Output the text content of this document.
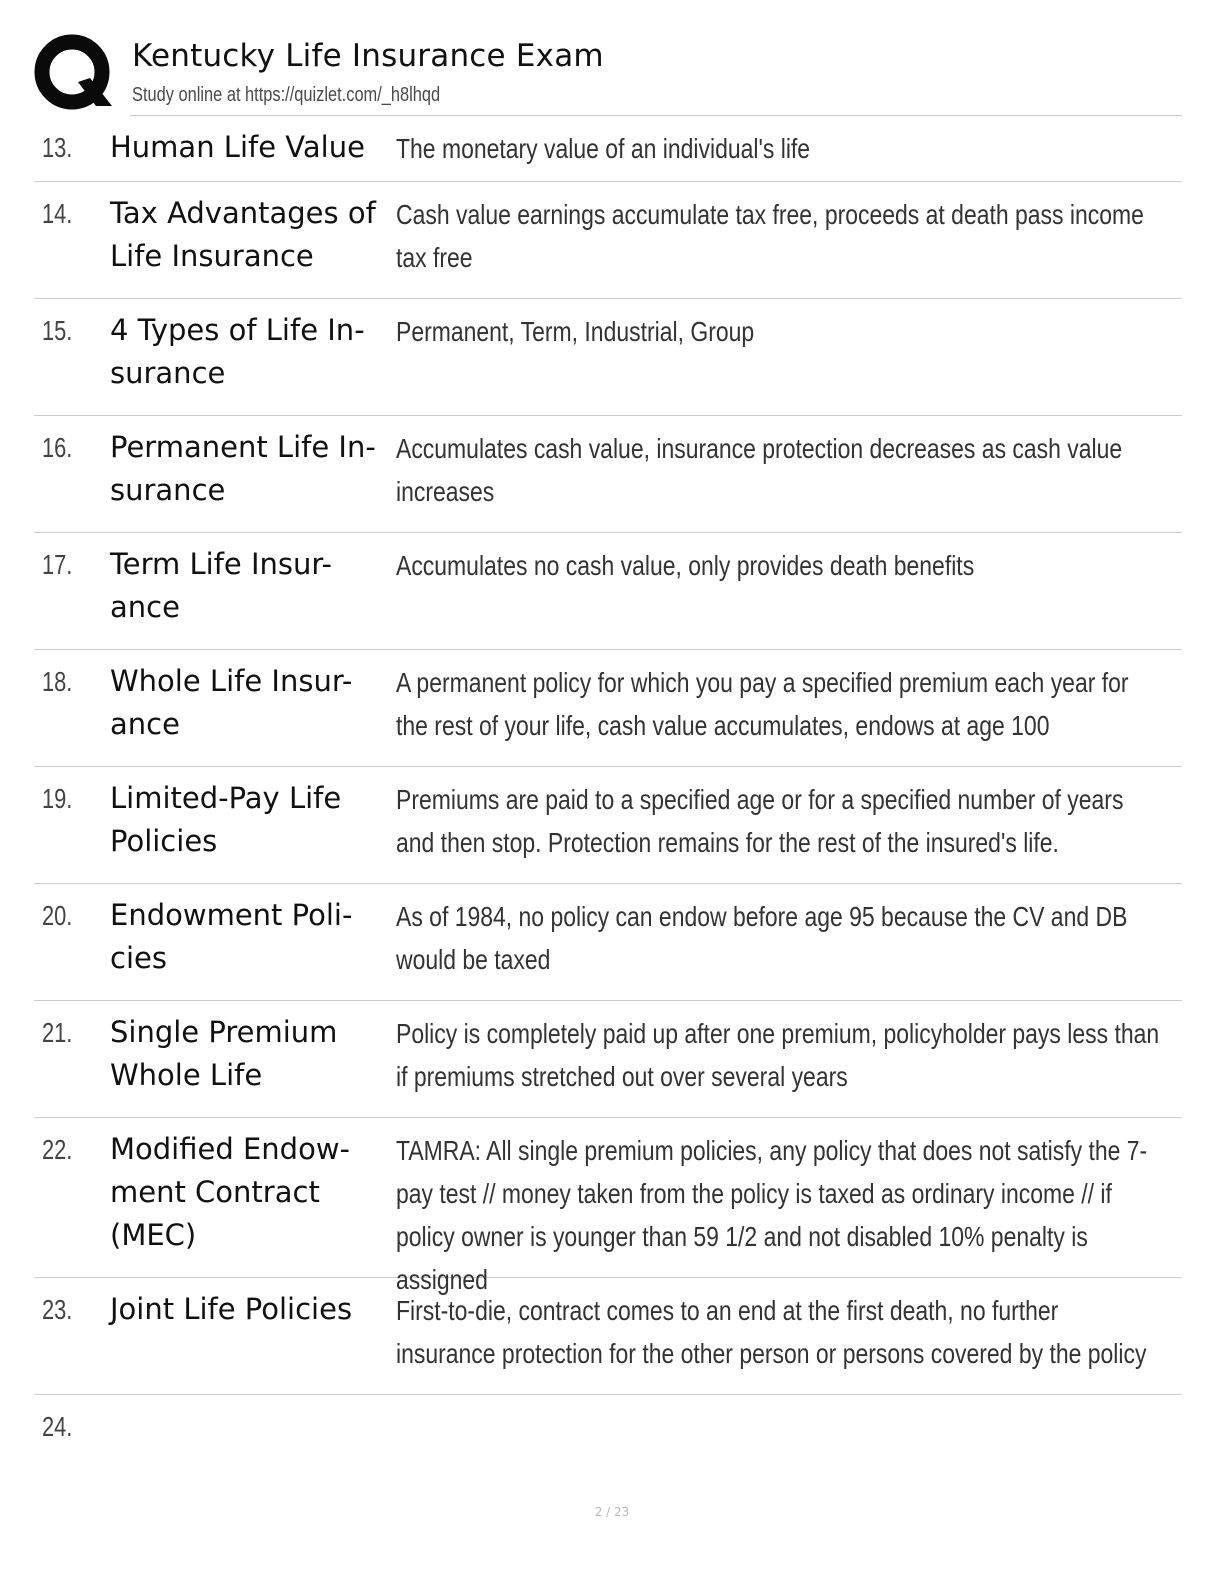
Kentucky Life Insurance Exam
Study online at https://quizlet.com/_h8lhqd
13. Human Life Value	The monetary value of an individual's life
14. Tax Advantages of Life Insurance
Cash value earnings accumulate tax free, proceeds at death pass income tax free
15. 4 Types of Life In-surance
Permanent, Term, Industrial, Group
16. Permanent Life In-surance
Accumulates cash value, insurance protection decreases as cash value increases
17. Term Life Insur-ance
Accumulates no cash value, only provides death benefits
18. Whole Life Insur-ance
A permanent policy for which you pay a specified premium each year for the rest of your life, cash value accumulates, endows at age 100
19. Limited-Pay Life Policies
Premiums are paid to a specified age or for a specified number of years and then stop. Protection remains for the rest of the insured's life.
20. Endowment Poli-cies
As of 1984, no policy can endow before age 95 because the CV and DB would be taxed
21. Single Premium Whole Life
Policy is completely paid up after one premium, policyholder pays less than if premiums stretched out over several years
22. Modified Endow-ment Contract (MEC)
TAMRA: All single premium policies, any policy that does not satisfy the 7-pay test // money taken from the policy is taxed as ordinary income // if policy owner is younger than 59 1/2 and not disabled 10% penalty is assigned
23. Joint Life Policies	First-to-die, contract comes to an end at the first death, no further insurance protection for the other person or persons covered by the policy
24.
2 / 23
